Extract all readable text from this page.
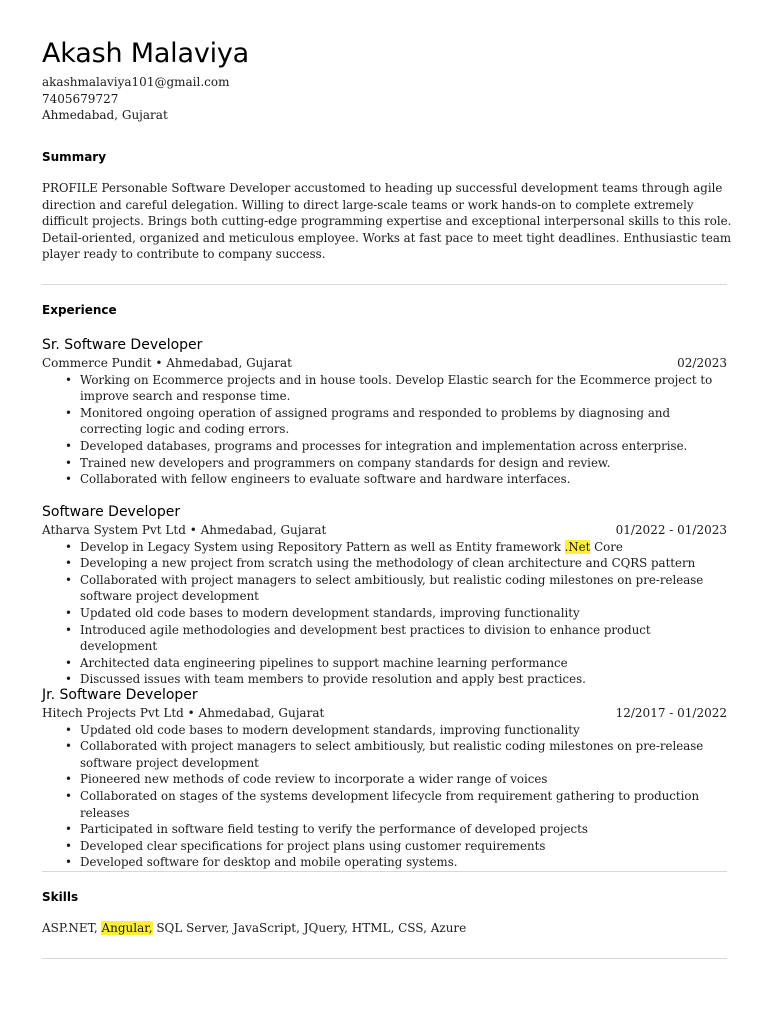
Akash Malaviya
akashmalaviya101@gmail.com
7405679727
Ahmedabad, Gujarat
Summary

PROFILE Personable Software Developer accustomed to heading up successful development teams through agile direction and careful delegation. Willing to direct large-scale teams or work hands-on to complete extremely difficult projects. Brings both cutting-edge programming expertise and exceptional interpersonal skills to this role. Detail-oriented, organized and meticulous employee. Works at fast pace to meet tight deadlines. Enthusiastic team player ready to contribute to company success.

Experience
Sr. Software Developer
Commerce Pundit • Ahmedabad, Gujarat	02/2023
• Working on Ecommerce projects and in house tools. Develop Elastic search for the Ecommerce project to improve search and response time.
• Monitored ongoing operation of assigned programs and responded to problems by diagnosing and correcting logic and coding errors.
• Developed databases, programs and processes for integration and implementation across enterprise.
• Trained new developers and programmers on company standards for design and review.
• Collaborated with fellow engineers to evaluate software and hardware interfaces.
Software Developer
Atharva System Pvt Ltd • Ahmedabad, Gujarat	01/2022 - 01/2023
• Develop in Legacy System using Repository Pattern as well as Entity framework .Net Core
• Developing a new project from scratch using the methodology of clean architecture and CQRS pattern
• Collaborated with project managers to select ambitiously, but realistic coding milestones on pre-release software project development
• Updated old code bases to modern development standards, improving functionality
• Introduced agile methodologies and development best practices to division to enhance product development
• Architected data engineering pipelines to support machine learning performance
• Discussed issues with team members to provide resolution and apply best practices.
Jr. Software Developer
Hitech Projects Pvt Ltd • Ahmedabad, Gujarat	12/2017 - 01/2022
• Updated old code bases to modern development standards, improving functionality
• Collaborated with project managers to select ambitiously, but realistic coding milestones on pre-release software project development
• Pioneered new methods of code review to incorporate a wider range of voices
• Collaborated on stages of the systems development lifecycle from requirement gathering to production releases
• Participated in software field testing to verify the performance of developed projects
• Developed clear specifications for project plans using customer requirements
• Developed software for desktop and mobile operating systems.
Skills
ASP.NET, Angular, SQL Server, JavaScript, JQuery, HTML, CSS, Azure
